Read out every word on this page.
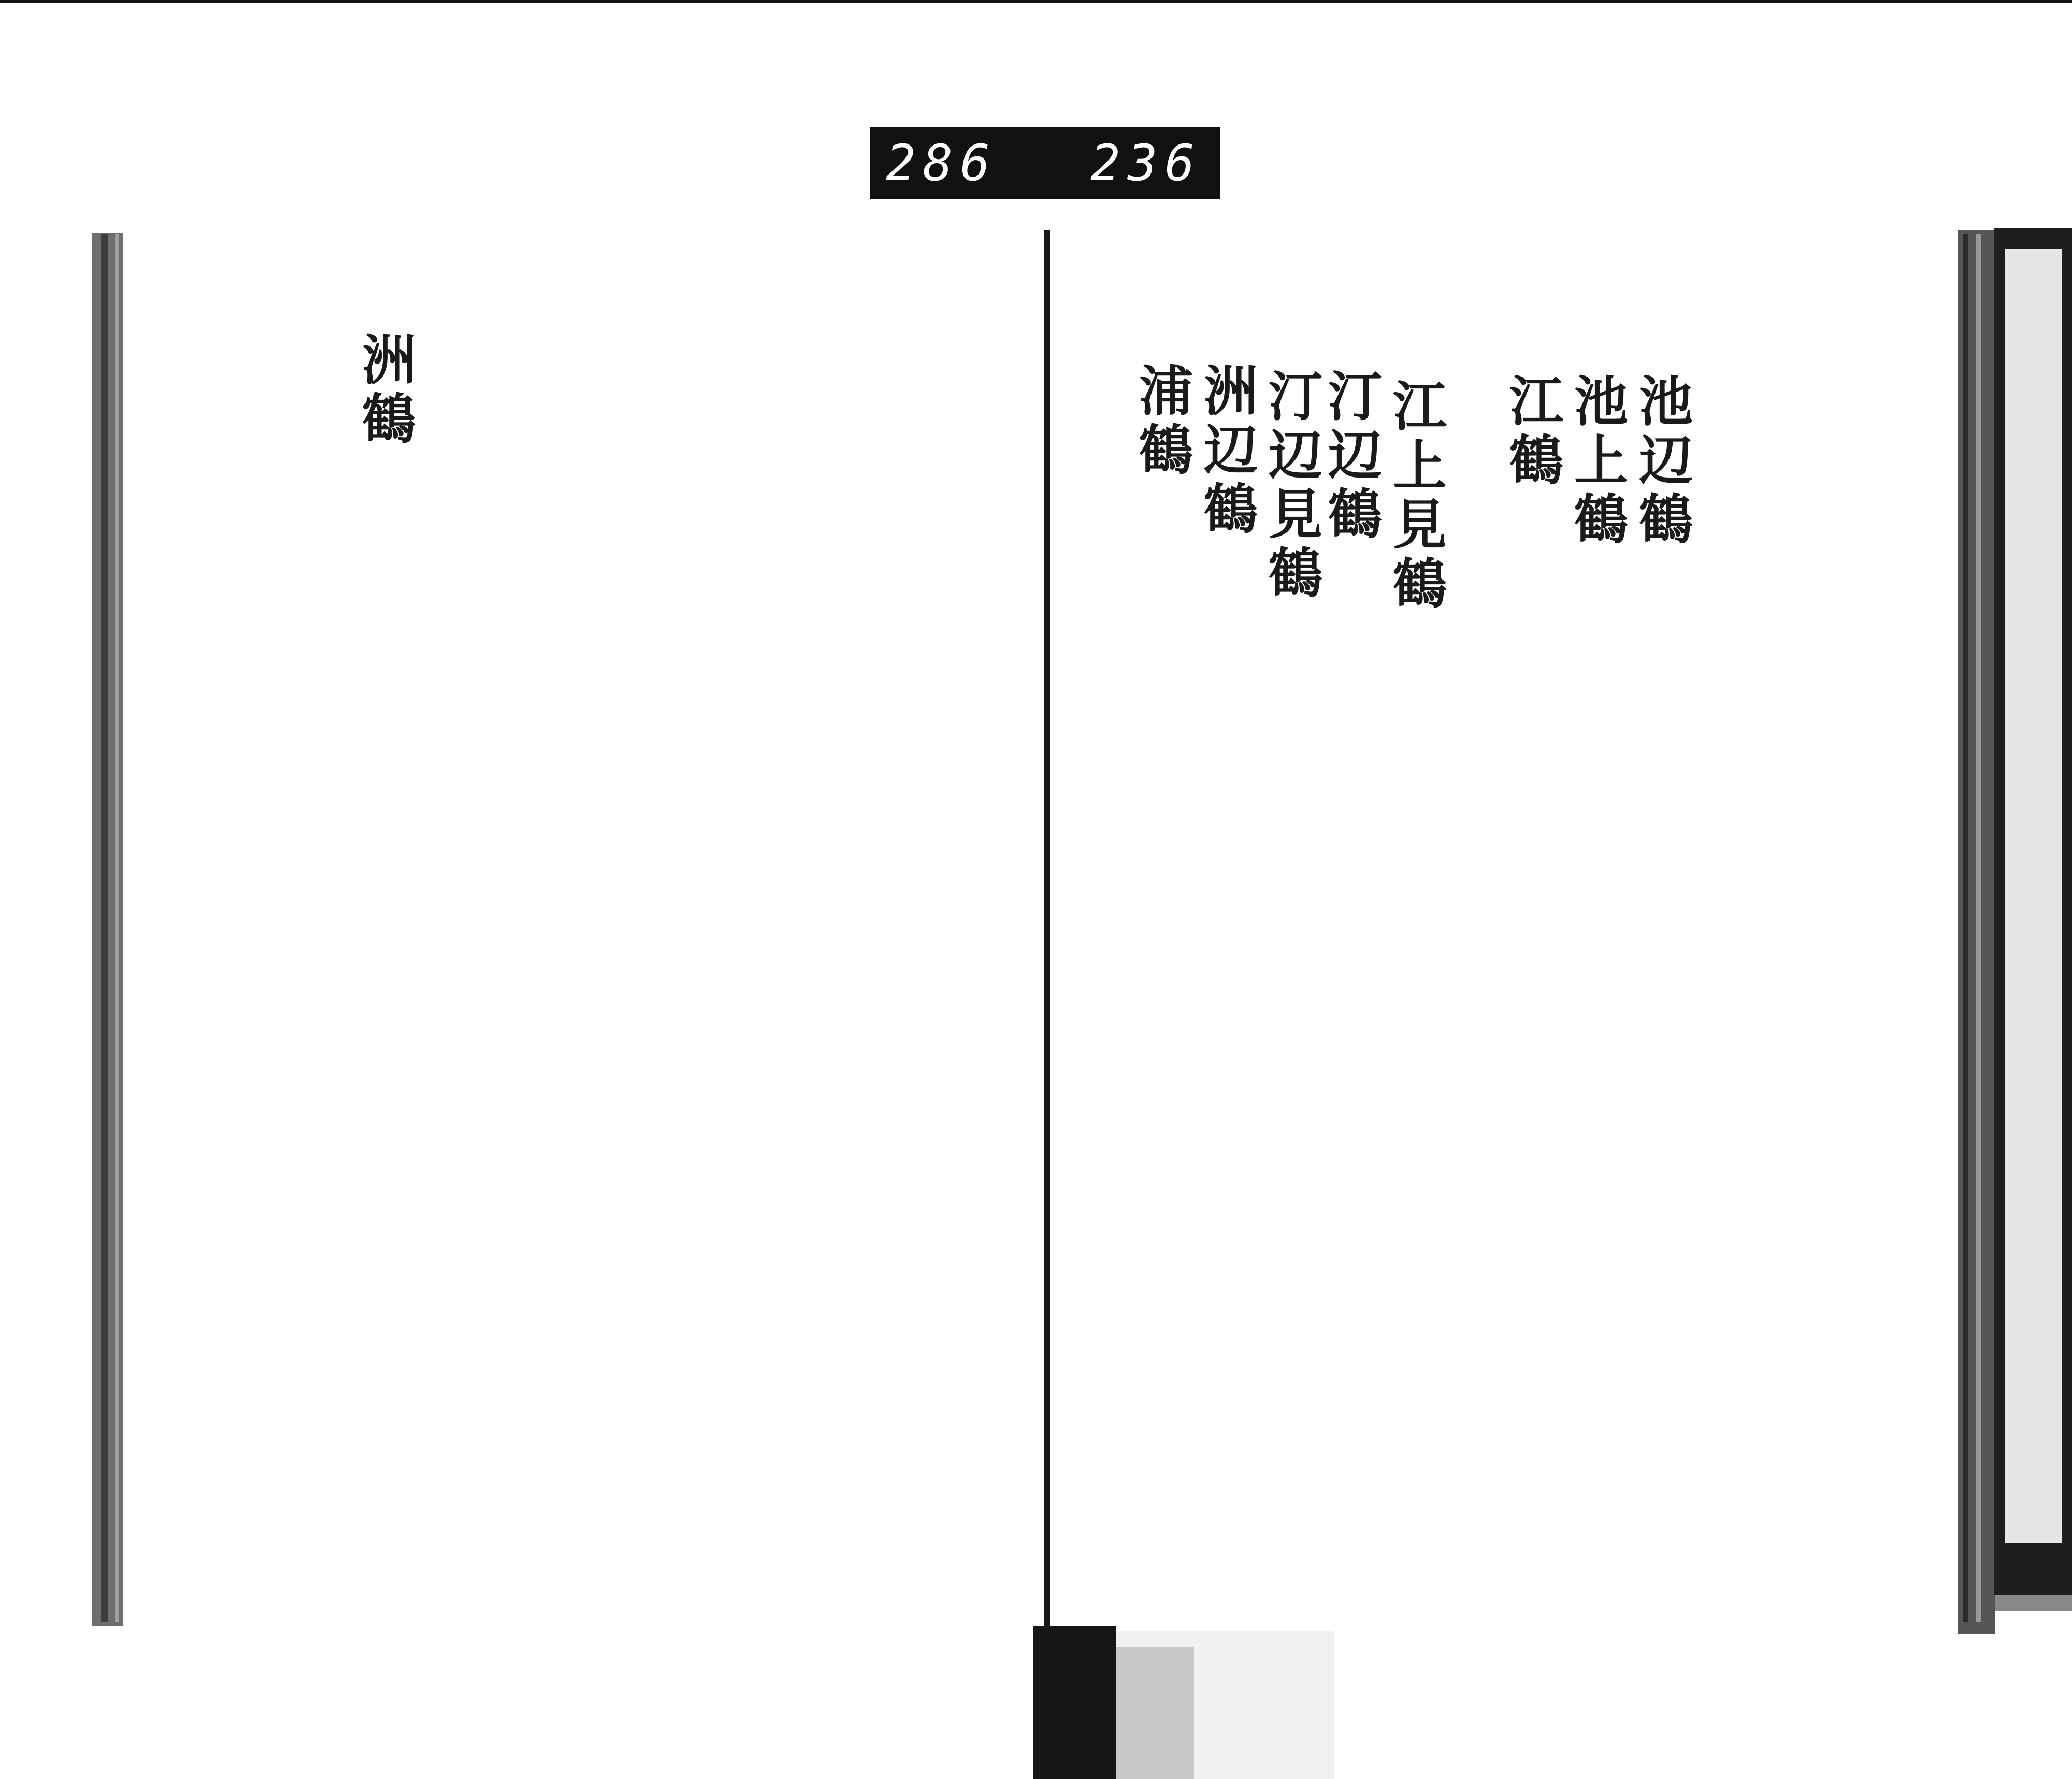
286 236
池辺鶴
池上鶴
江鶴
江上見鶴
汀辺鶴
汀辺見鶴
洲辺鶴
浦鶴
洲鶴
